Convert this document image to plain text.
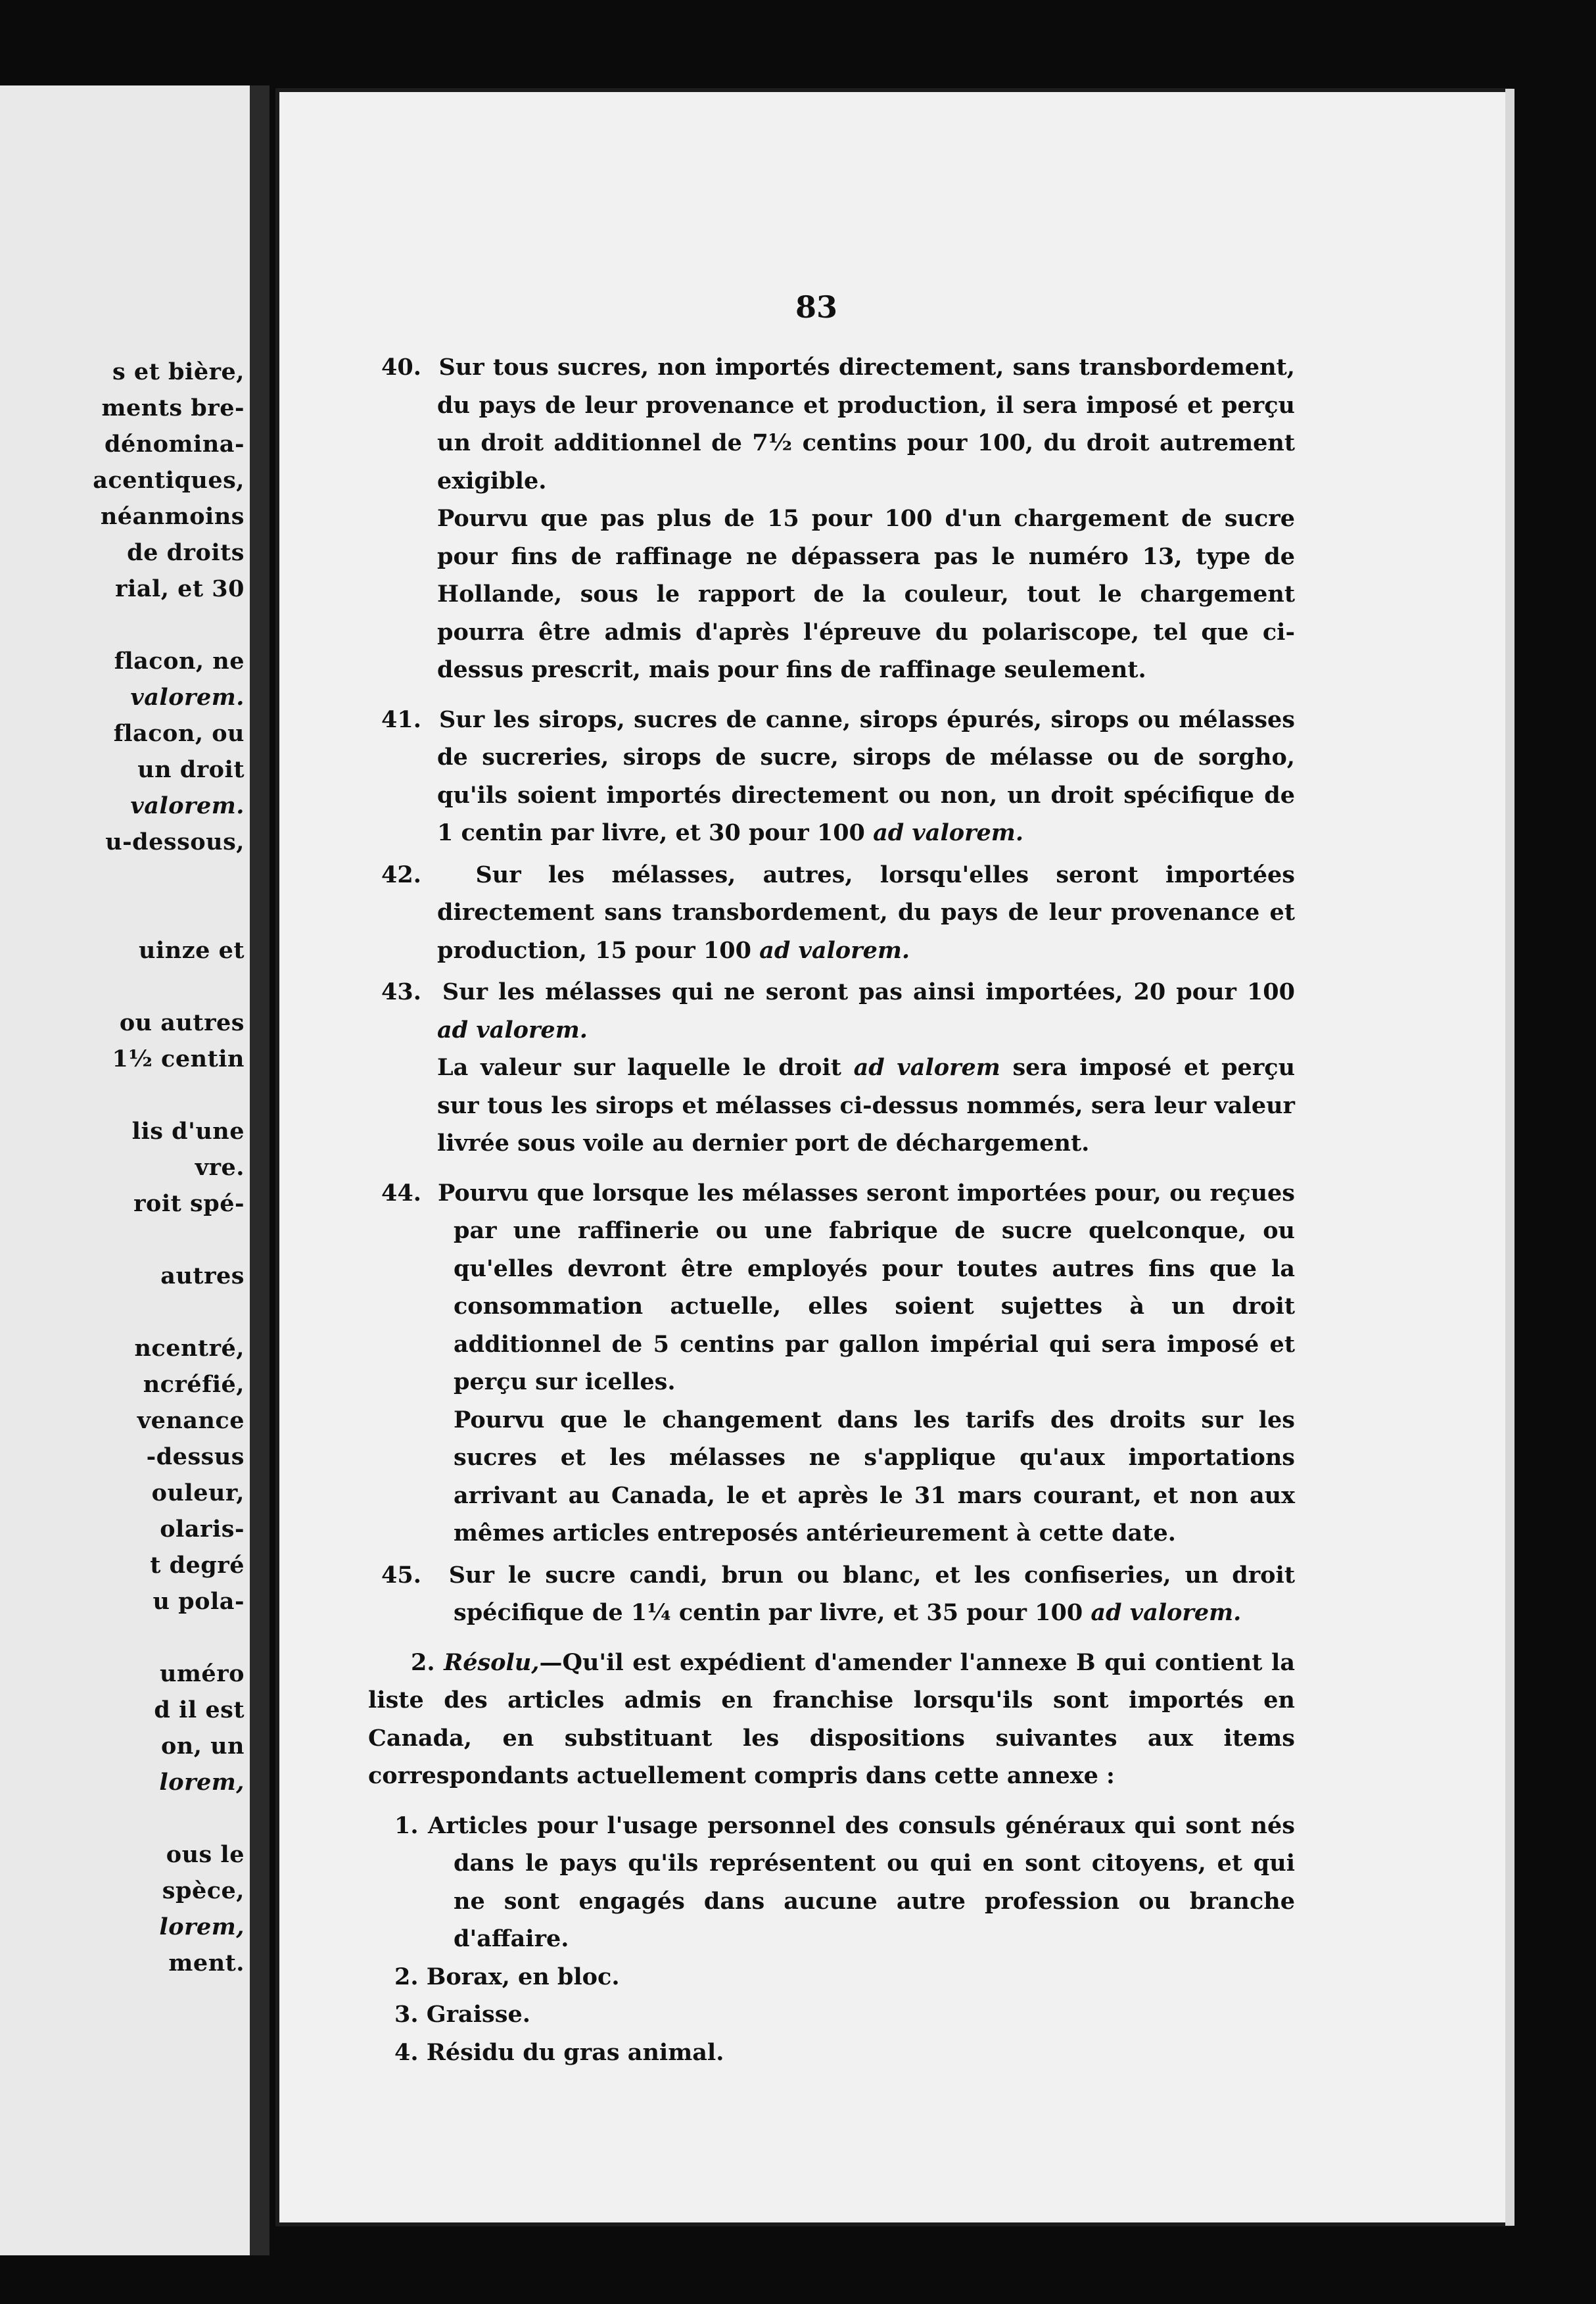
s et bière,
ments bre-
dénomina-
acentiques,
néanmoins
de droits
rial, et 30
flacon, ne
valorem.
flacon, ou
un droit
valorem.
u-dessous,
uinze et
ou autres
1½ centin
lis d'une
vre.
roit spé-
autres
ncentré,
ncréfié,
venance
-dessus
ouleur,
olaris-
t degré
u pola-
uméro
d il est
on, un
lorem,
ous le
spèce,
lorem,
ment.
83

40. Sur tous sucres, non importés directement, sans transbordement, du pays de leur provenance et production, il sera imposé et perçu un droit additionnel de 7½ centins pour 100, du droit autrement exigible.

Pourvu que pas plus de 15 pour 100 d'un chargement de sucre pour fins de raffinage ne dépassera pas le numéro 13, type de Hollande, sous le rapport de la couleur, tout le chargement pourra être admis d'après l'épreuve du polariscope, tel que ci-dessus prescrit, mais pour fins de raffinage seulement.

41. Sur les sirops, sucres de canne, sirops épurés, sirops ou mélasses de sucreries, sirops de sucre, sirops de mélasse ou de sorgho, qu'ils soient importés directement ou non, un droit spécifique de 1 centin par livre, et 30 pour 100 ad valorem.

42. Sur les mélasses, autres, lorsqu'elles seront importées directement sans transbordement, du pays de leur provenance et production, 15 pour 100 ad valorem.

43. Sur les mélasses qui ne seront pas ainsi importées, 20 pour 100 ad valorem.

La valeur sur laquelle le droit ad valorem sera imposé et perçu sur tous les sirops et mélasses ci-dessus nommés, sera leur valeur livrée sous voile au dernier port de déchargement.

44. Pourvu que lorsque les mélasses seront importées pour, ou reçues par une raffinerie ou une fabrique de sucre quelconque, ou qu'elles devront être employés pour toutes autres fins que la consommation actuelle, elles soient sujettes à un droit additionnel de 5 centins par gallon impérial qui sera imposé et perçu sur icelles.

Pourvu que le changement dans les tarifs des droits sur les sucres et les mélasses ne s'applique qu'aux importations arrivant au Canada, le et après le 31 mars courant, et non aux mêmes articles entreposés antérieurement à cette date.

45. Sur le sucre candi, brun ou blanc, et les confiseries, un droit spécifique de 1¼ centin par livre, et 35 pour 100 ad valorem.

2. Résolu,—Qu'il est expédient d'amender l'annexe B qui contient la liste des articles admis en franchise lorsqu'ils sont importés en Canada, en substituant les dispositions suivantes aux items correspondants actuellement compris dans cette annexe :

1. Articles pour l'usage personnel des consuls généraux qui sont nés dans le pays qu'ils représentent ou qui en sont citoyens, et qui ne sont engagés dans aucune autre profession ou branche d'affaire.

2. Borax, en bloc.

3. Graisse.

4. Résidu du gras animal.
